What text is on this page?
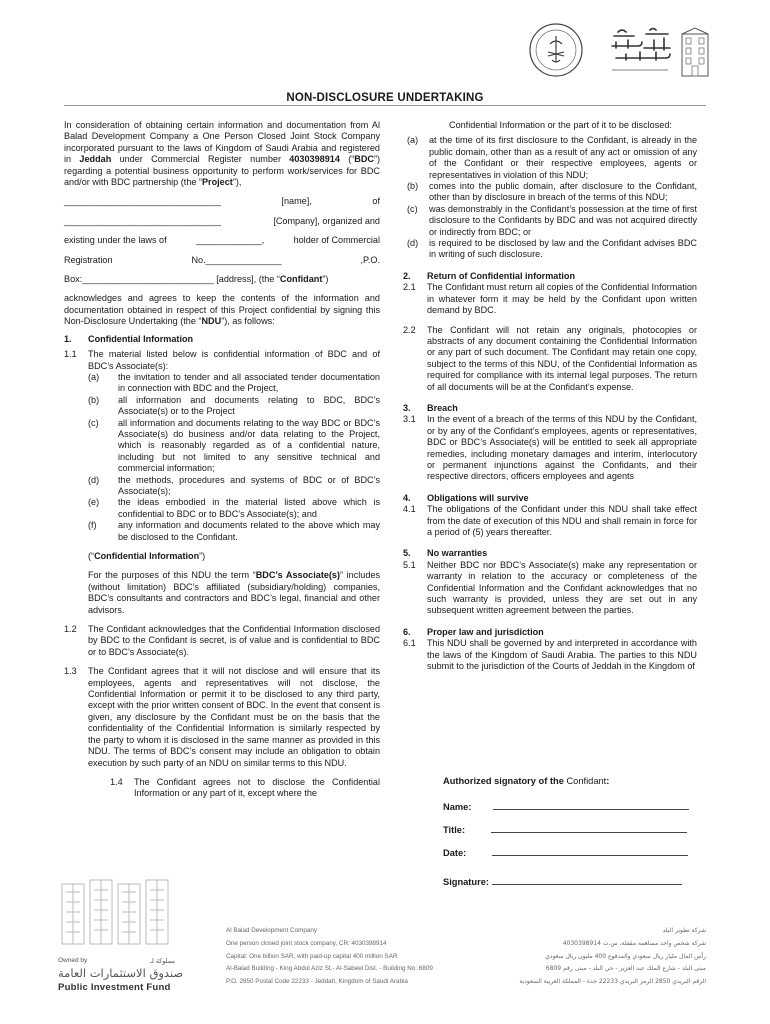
NON-DISCLOSURE UNDERTAKING

In consideration of obtaining certain information and documentation from Al Balad Development Company a One Person Closed Joint Stock Company incorporated pursuant to the laws of Kingdom of Saudi Arabia and registered in Jeddah under Commercial Register number 4030398914 (“BDC”) regarding a potential business opportunity to perform work/services for BDC and/or with BDC partnership (the “Project”),

_______________________________	[name],	of
_______________________________	[Company], organized and
existing under the laws of	_____________,	holder of Commercial
Registration	No._______________	,P.O.
Box:__________________________ [address], (the “Confidant”)

acknowledges and agrees to keep the contents of the information and documentation obtained in respect of this Project confidential by signing this Non-Disclosure Undertaking (the “NDU”), as follows:

1.	Confidential Information
1.1	The material listed below is confidential information of BDC and of BDC’s Associate(s):
(a)	the invitation to tender and all associated tender documentation in connection with BDC and the Project,
(b)	all information and documents relating to BDC, BDC’s Associate(s) or to the Project
(c)	all information and documents relating to the way BDC or BDC’s Associate(s) do business and/or data relating to the Project, which is reasonably regarded as of a confidential nature, including but not limited to any sensitive technical and commercial information;
(d)	the methods, procedures and systems of BDC or of BDC’s Associate(s);
(e)	the ideas embodied in the material listed above which is confidential to BDC or to BDC’s Associate(s); and
(f)	any information and documents related to the above which may be disclosed to the Confidant.

(“Confidential Information”)

For the purposes of this NDU the term “BDC’s Associate(s)” includes (without limitation) BDC’s affiliated (subsidiary/holding) companies, BDC’s consultants and contractors and BDC’s legal, financial and other advisors.

1.2	The Confidant acknowledges that the Confidential Information disclosed by BDC to the Confidant is secret, is of value and is confidential to BDC or to BDC’s Associate(s).
1.3	The Confidant agrees that it will not disclose and will ensure that its employees, agents and representatives will not disclose, the Confidential Information or permit it to be disclosed to any third party, except with the prior written consent of BDC. In the event that consent is given, any disclosure by the Confidant must be on the basis that the confidentiality of the Confidential Information is similarly respected by the party to whom it is disclosed in the same manner as provided in this NDU. The terms of BDC’s consent may include an obligation to obtain execution by such party of an NDU on similar terms to this NDU.
1.4	The Confidant agrees not to disclose the Confidential Information or any part of it, except where the

Confidential Information or the part of it to be disclosed:

(a)	at the time of its first disclosure to the Confidant, is already in the public domain, other than as a result of any act or omission of any of the Confidant or their respective employees, agents or representatives in violation of this NDU;
(b)	comes into the public domain, after disclosure to the Confidant, other than by disclosure in breach of the terms of this NDU;
(c)	was demonstrably in the Confidant’s possession at the time of first disclosure to the Confidants by BDC and was not acquired directly or indirectly from BDC; or
(d)	is required to be disclosed by law and the Confidant advises BDC in writing of such disclosure.
2.	Return of Confidential information
2.1	The Confidant must return all copies of the Confidential Information in whatever form it may be held by the Confidant upon written demand by BDC.
2.2	The Confidant will not retain any originals, photocopies or abstracts of any document containing the Confidential Information or any part of such document. The Confidant may retain one copy, subject to the terms of this NDU, of the Confidential Information as required for compliance with its internal legal purposes. The return of all documents will be at the Confidant’s expense.
3.	Breach
3.1	In the event of a breach of the terms of this NDU by the Confidant, or by any of the Confidant’s employees, agents or representatives, BDC or BDC’s Associate(s) will be entitled to seek all appropriate remedies, including monetary damages and interim, interlocutory or permanent injunctions against the Confidants, and their respective directors, officers employees and agents
4.	Obligations will survive
4.1	The obligations of the Confidant under this NDU shall take effect from the date of execution of this NDU and shall remain in force for a period of (5) years thereafter.
5.	No warranties
5.1	Neither BDC nor BDC’s Associate(s) make any representation or warranty in relation to the accuracy or completeness of the Confidential Information and the Confidant acknowledges that no such warranty is provided, unless they are set out in any subsequent written agreement between the parties.
6.	Proper law and jurisdiction
6.1	This NDU shall be governed by and interpreted in accordance with the laws of the Kingdom of Saudi Arabia. The parties to this NDU submit to the jurisdiction of the Courts of Jeddah in the Kingdom of
Authorized signatory of the Confidant:
Name:
Title:
Date:
Signature:
Owned by	مملوكة لـ
صندوق الاستثمارات العامة
Public Investment Fund
Al Balad Development Company
One person closed joint stock company, CR: 4030398914
Capital: One billion SAR, with paid-up capital 400 million SAR
Al-Balad Building - King Abdul Aziz St.- Al-Sabeel Dist. - Building No. 6809
P.O. 2850 Postal Code 22233 - Jeddah, Kingdom of Saudi Arabia
شركة تطوير البلد
شركة شخص واحد مساهمة مقفلة، س.ت 4030398914
رأس المال مليار ريال سعودي والمدفوع 400 مليون ريال سعودي
مبنى البلد - شارع الملك عبد العزيز - حي البلد - مبنى رقم 6809
الرقم البريدي 2850 الرمز البريدي 22233 جدة - المملكة العربية السعودية
